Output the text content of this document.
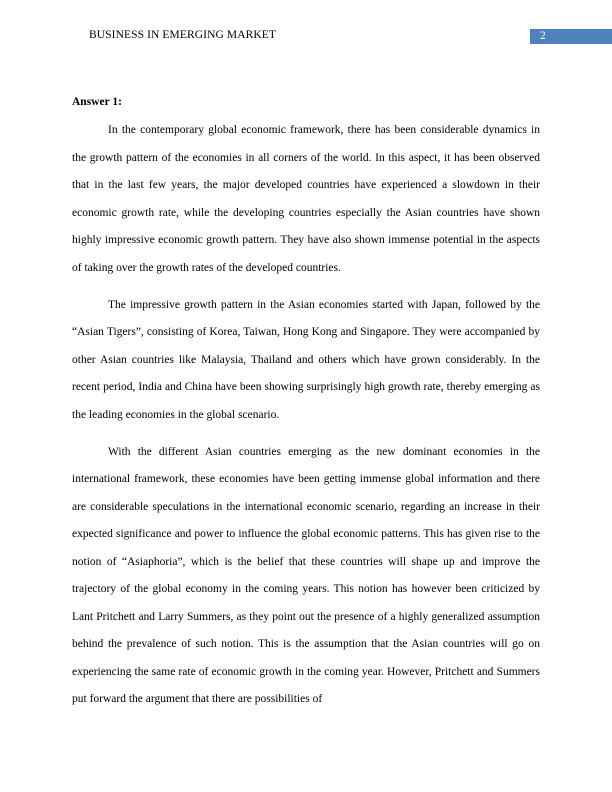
BUSINESS IN EMERGING MARKET	2
Answer 1:

In the contemporary global economic framework, there has been considerable dynamics in the growth pattern of the economies in all corners of the world. In this aspect, it has been observed that in the last few years, the major developed countries have experienced a slowdown in their economic growth rate, while the developing countries especially the Asian countries have shown highly impressive economic growth pattern. They have also shown immense potential in the aspects of taking over the growth rates of the developed countries.

The impressive growth pattern in the Asian economies started with Japan, followed by the “Asian Tigers”, consisting of Korea, Taiwan, Hong Kong and Singapore. They were accompanied by other Asian countries like Malaysia, Thailand and others which have grown considerably. In the recent period, India and China have been showing surprisingly high growth rate, thereby emerging as the leading economies in the global scenario.

With the different Asian countries emerging as the new dominant economies in the international framework, these economies have been getting immense global information and there are considerable speculations in the international economic scenario, regarding an increase in their expected significance and power to influence the global economic patterns. This has given rise to the notion of “Asiaphoria”, which is the belief that these countries will shape up and improve the trajectory of the global economy in the coming years. This notion has however been criticized by Lant Pritchett and Larry Summers, as they point out the presence of a highly generalized assumption behind the prevalence of such notion. This is the assumption that the Asian countries will go on experiencing the same rate of economic growth in the coming year. However, Pritchett and Summers put forward the argument that there are possibilities of
